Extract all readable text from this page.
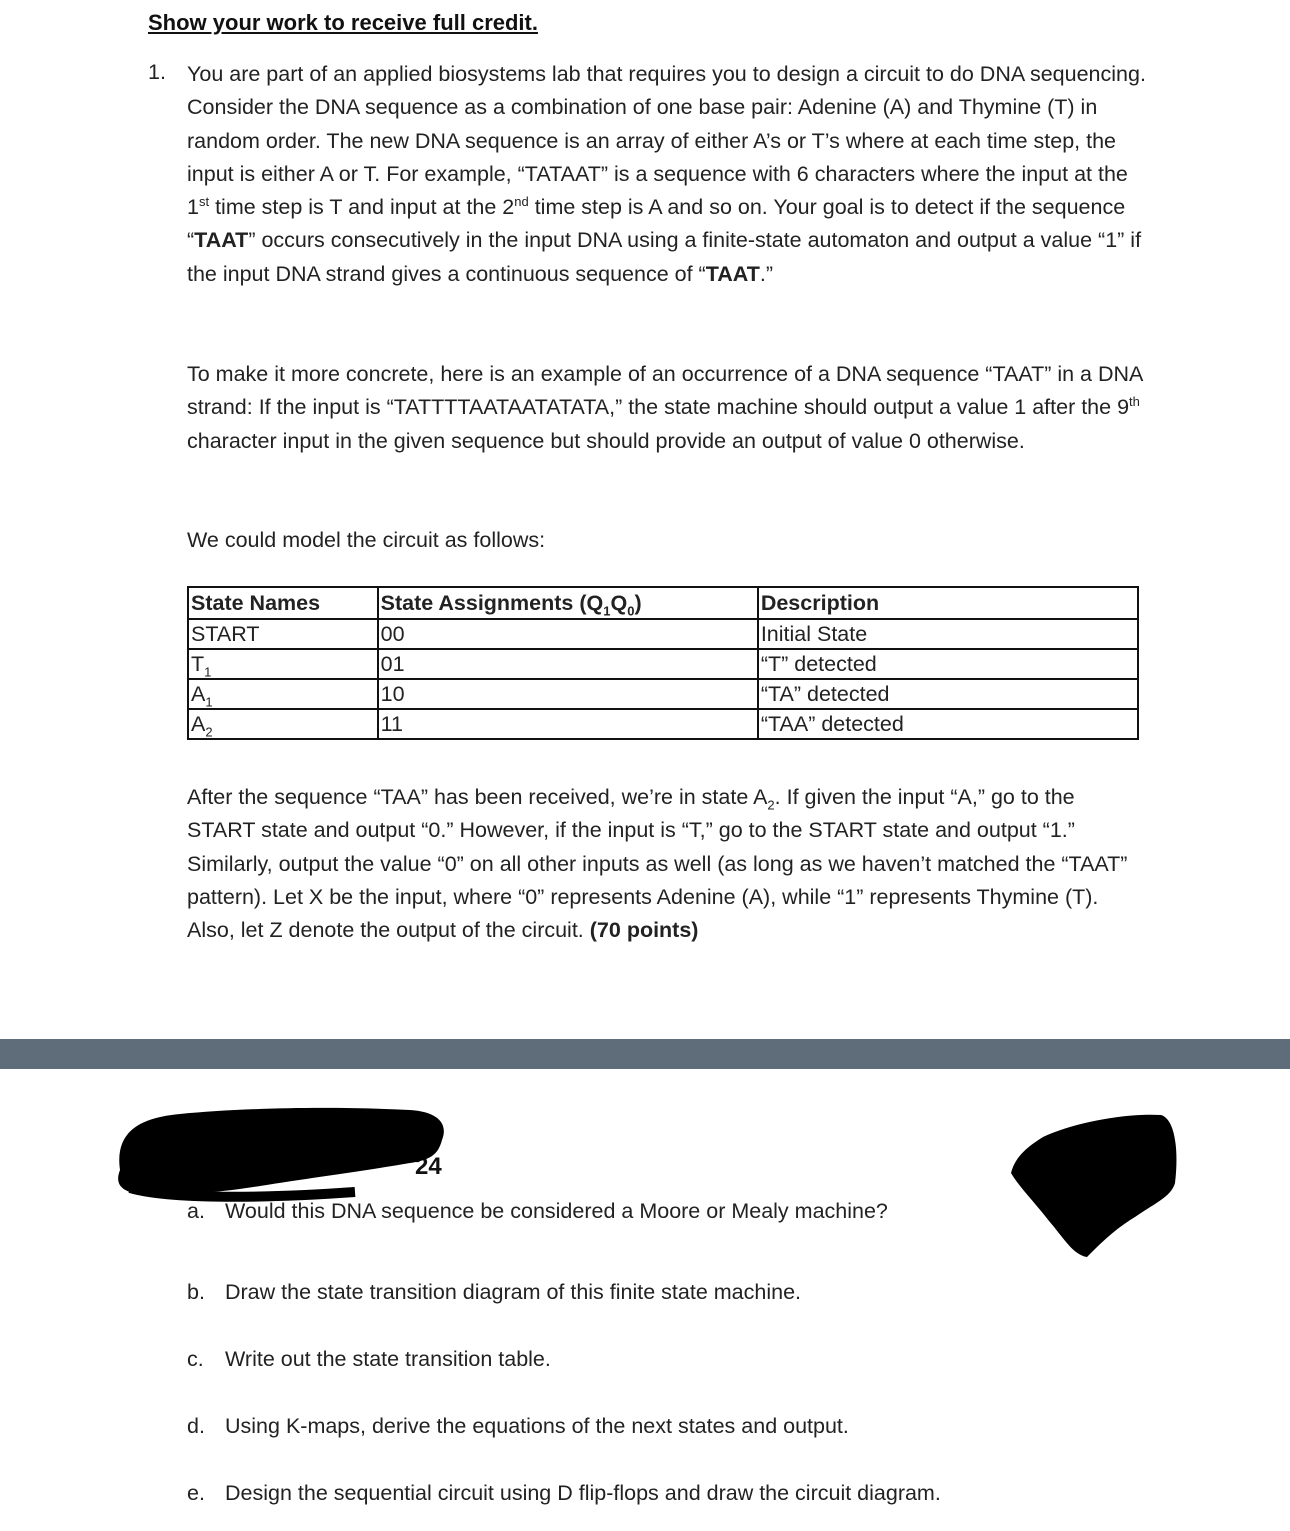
Show your work to receive full credit.
1. You are part of an applied biosystems lab that requires you to design a circuit to do DNA sequencing. Consider the DNA sequence as a combination of one base pair: Adenine (A) and Thymine (T) in random order. The new DNA sequence is an array of either A’s or T’s where at each time step, the input is either A or T. For example, “TATAAT” is a sequence with 6 characters where the input at the 1st time step is T and input at the 2nd time step is A and so on. Your goal is to detect if the sequence “TAAT” occurs consecutively in the input DNA using a finite-state automaton and output a value “1” if the input DNA strand gives a continuous sequence of “TAAT.”
To make it more concrete, here is an example of an occurrence of a DNA sequence “TAAT” in a DNA strand: If the input is “TATTTTAATAATATATA,” the state machine should output a value 1 after the 9th character input in the given sequence but should provide an output of value 0 otherwise.
We could model the circuit as follows:
State Names	State Assignments $(Q_1Q_0)$	Description
START	00	Initial State
$T_1$	01	“T” detected
$A_1$	10	“TA” detected
$A_2$	11	“TAA” detected
After the sequence “TAA” has been received, we’re in state $A_2$. If given the input “A,” go to the START state and output “0.” However, if the input is “T,” go to the START state and output “1.” Similarly, output the value “0” on all other inputs as well (as long as we haven’t matched the “TAAT” pattern). Let X be the input, where “0” represents Adenine (A), while “1” represents Thymine (T). Also, let Z denote the output of the circuit. (70 points)
24
a. Would this DNA sequence be considered a Moore or Mealy machine?
b. Draw the state transition diagram of this finite state machine.
c. Write out the state transition table.
d. Using K-maps, derive the equations of the next states and output.
e. Design the sequential circuit using D flip-flops and draw the circuit diagram.
